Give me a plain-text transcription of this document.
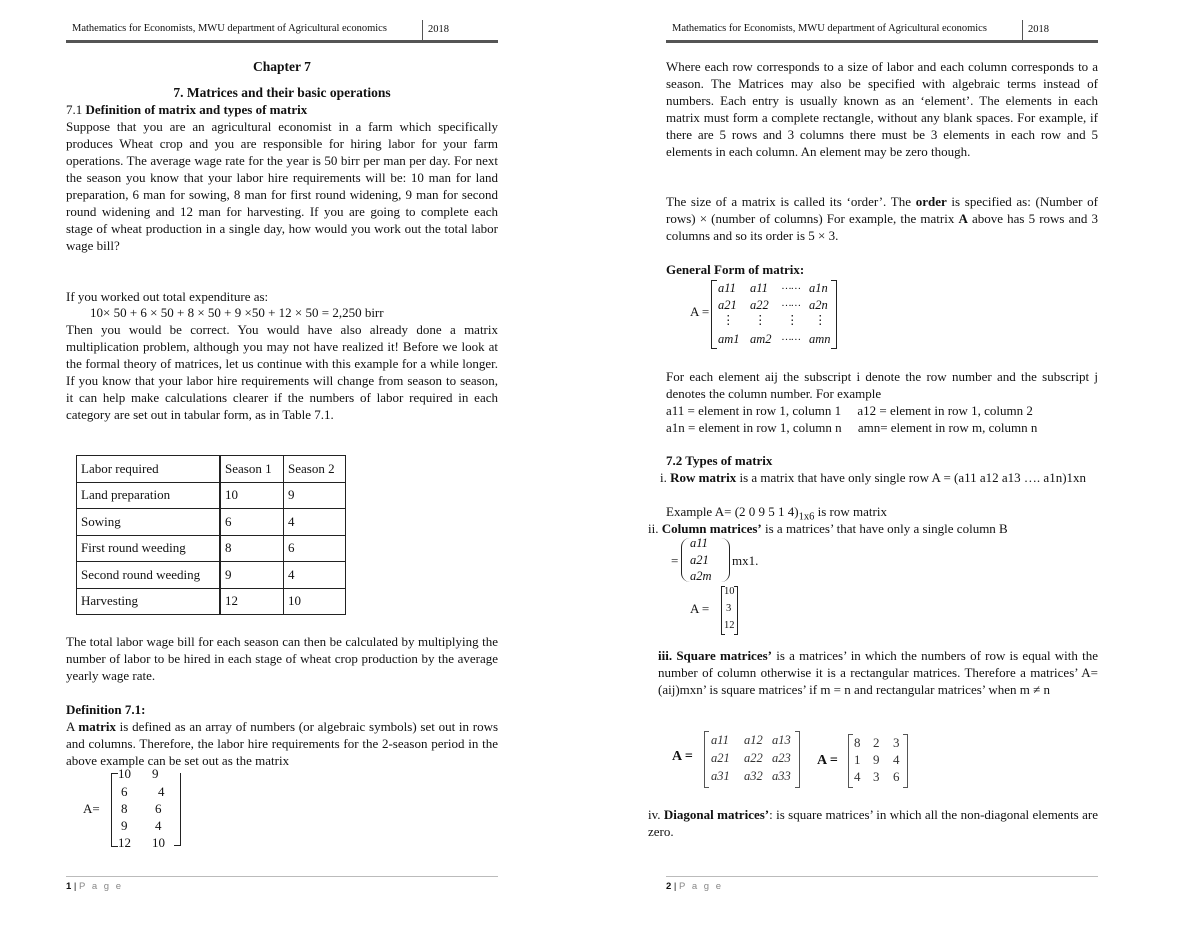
Mathematics for Economists, MWU department of Agricultural economics	2018
Chapter 7
7. Matrices and their basic operations
7.1 Definition of matrix and types of matrix
Suppose that you are an agricultural economist in a farm which specifically produces Wheat crop and you are responsible for hiring labor for your farm operations. The average wage rate for the year is 50 birr per man per day. For next the season you know that your labor hire requirements will be: 10 man for land preparation, 6 man for sowing, 8 man for first round widening, 9 man for second round widening and 12 man for harvesting. If you are going to complete each stage of wheat production in a single day, how would you work out the total labor wage bill?
If you worked out total expenditure as:
10× 50 + 6 × 50 + 8 × 50 + 9 ×50 + 12 × 50 = 2,250 birr
Then you would be correct. You would have also already done a matrix multiplication problem, although you may not have realized it! Before we look at the formal theory of matrices, let us continue with this example for a while longer. If you know that your labor hire requirements will change from season to season, it can help make calculations clearer if the numbers of labor required in each category are set out in tabular form, as in Table 7.1.
Labor required	Season 1	Season 2
Land preparation	10	9
Sowing	6	4
First round weeding	8	6
Second round weeding	9	4
Harvesting	12	10
The total labor wage bill for each season can then be calculated by multiplying the number of labor to be hired in each stage of wheat crop production by the average yearly wage rate.
Definition 7.1:
A matrix is defined as an array of numbers (or algebraic symbols) set out in rows and columns. Therefore, the labor hire requirements for the 2-season period in the above example can be set out as the matrix
A=
10 9
6 4
8 6
9 4
12 10
1 | P a g e
Mathematics for Economists, MWU department of Agricultural economics	2018
Where each row corresponds to a size of labor and each column corresponds to a season. The Matrices may also be specified with algebraic terms instead of numbers. Each entry is usually known as an ‘element’. The elements in each matrix must form a complete rectangle, without any blank spaces. For example, if there are 5 rows and 3 columns there must be 3 elements in each row and 5 elements in each column. An element may be zero though.
The size of a matrix is called its ‘order’. The order is specified as: (Number of rows) × (number of columns) For example, the matrix A above has 5 rows and 3 columns and so its order is 5 × 3.
General Form of matrix:
A =
a11 a11 …… a1n
a21 a22 …… a2n
⋮ ⋮ ⋮ ⋮
am1 am2 …… amn
For each element aij the subscript i denote the row number and the subscript j denotes the column number. For example
a11 = element in row 1, column 1     a12 = element in row 1, column 2
a1n = element in row 1, column n     amn= element in row m, column n
7.2 Types of matrix
i. Row matrix is a matrix that have only single row A = (a11 a12 a13 …. a1n)1xn
Example A= (2 0 9 5 1 $4)_{1x6}$ is row matrix
ii. Column matrices’ is a matrices’ that have only a single column B
=
a11
a21
a2m
mx1.
A =
10
3
12
iii. Square matrices’ is a matrices’ in which the numbers of row is equal with the number of column otherwise it is a rectangular matrices. Therefore a matrices’ A=(aij)mxn’ is square matrices’ if m = n and rectangular matrices’ when m ≠ n
A =
a11 a12 a13
a21 a22 a23
a31 a32 a33
A =
8 2 3
1 9 4
4 3 6
iv. Diagonal matrices’: is square matrices’ in which all the non-diagonal elements are zero.
2 | P a g e
